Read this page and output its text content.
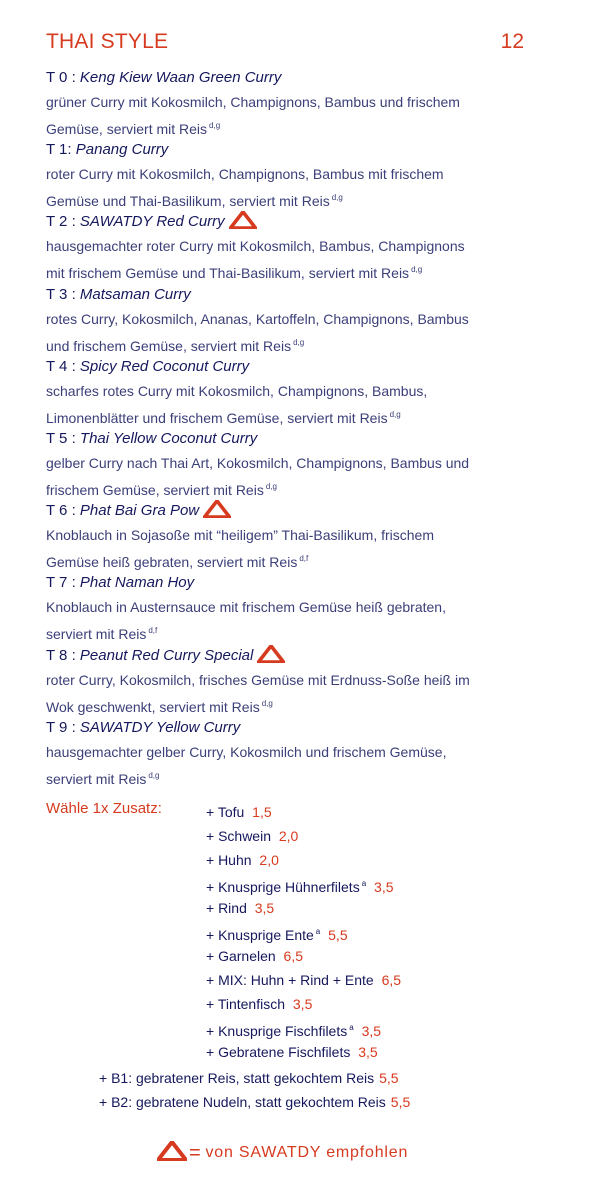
THAI STYLE	12
T 0 : Keng Kiew Waan Green Curry
grüner Curry mit Kokosmilch, Champignons, Bambus und frischem
Gemüse, serviert mit Reis $^{d,g}$
T 1: Panang Curry
roter Curry mit Kokosmilch, Champignons, Bambus mit frischem
Gemüse und Thai-Basilikum, serviert mit Reis $^{d,g}$
T 2 : SAWATDY Red Curry
hausgemachter roter Curry mit Kokosmilch, Bambus, Champignons
mit frischem Gemüse und Thai-Basilikum, serviert mit Reis $^{d,g}$
T 3 : Matsaman Curry
rotes Curry, Kokosmilch, Ananas, Kartoffeln, Champignons, Bambus
und frischem Gemüse, serviert mit Reis $^{d,g}$
T 4 : Spicy Red Coconut Curry
scharfes rotes Curry mit Kokosmilch, Champignons, Bambus,
Limonenblätter und frischem Gemüse, serviert mit Reis $^{d,g}$
T 5 : Thai Yellow Coconut Curry
gelber Curry nach Thai Art, Kokosmilch, Champignons, Bambus und
frischem Gemüse, serviert mit Reis $^{d,g}$
T 6 : Phat Bai Gra Pow
Knoblauch in Sojasoße mit “heiligem” Thai-Basilikum, frischem
Gemüse heiß gebraten, serviert mit Reis $^{d,f}$
T 7 : Phat Naman Hoy
Knoblauch in Austernsauce mit frischem Gemüse heiß gebraten,
serviert mit Reis $^{d,f}$
T 8 : Peanut Red Curry Special
roter Curry, Kokosmilch, frisches Gemüse mit Erdnuss-Soße heiß im
Wok geschwenkt, serviert mit Reis $^{d,g}$
T 9 : SAWATDY Yellow Curry
hausgemachter gelber Curry, Kokosmilch und frischem Gemüse,
serviert mit Reis $^{d,g}$
Wähle 1x Zusatz:	+ Tofu 1,5
+ Schwein 2,0
+ Huhn 2,0
+ Knusprige Hühnerfilets $^a$ 3,5
+ Rind 3,5
+ Knusprige Ente $^a$ 5,5
+ Garnelen 6,5
+ MIX: Huhn + Rind + Ente 6,5
+ Tintenfisch 3,5
+ Knusprige Fischfilets $^a$ 3,5
+ Gebratene Fischfilets 3,5
+ B1: gebratener Reis, statt gekochtem Reis 5,5
+ B2: gebratene Nudeln, statt gekochtem Reis 5,5
= von SAWATDY empfohlen
